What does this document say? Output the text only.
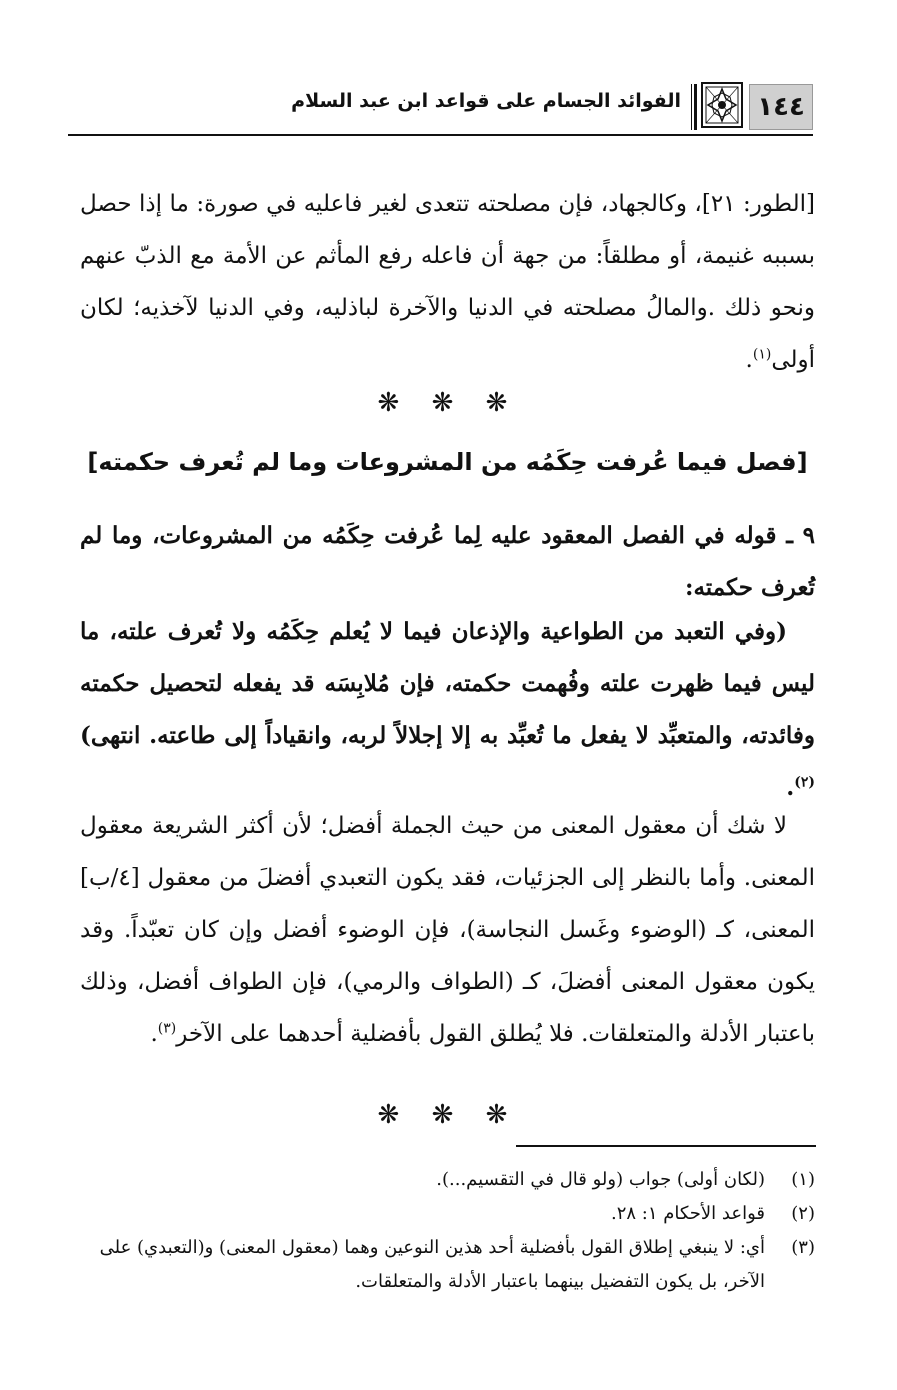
١٤٤
الفوائد الجسام على قواعد ابن عبد السلام
[الطور: ٢١]، وكالجهاد، فإن مصلحته تتعدى لغير فاعليه في صورة: ما إذا حصل بسببه غنيمة، أو مطلقاً: من جهة أن فاعله رفع المأثم عن الأمة مع الذبّ عنهم ونحو ذلك .والمالُ مصلحته في الدنيا والآخرة لباذليه، وفي الدنيا لآخذيه؛ لكان أولى$^{(١)}$.
❋ ❋ ❋
[فصل فيما عُرفت حِكَمُه من المشروعات وما لم تُعرف حكمته]
٩ ـ قوله في الفصل المعقود عليه لِما عُرفت حِكَمُه من المشروعات، وما لم تُعرف حكمته:
(وفي التعبد من الطواعية والإذعان فيما لا يُعلم حِكَمُه ولا تُعرف علته، ما ليس فيما ظهرت علته وفُهمت حكمته، فإن مُلابِسَه قد يفعله لتحصيل حكمته وفائدته، والمتعبِّد لا يفعل ما تُعبِّد به إلا إجلالاً لربه، وانقياداً إلى طاعته. انتهى)$^{(٢)}$.
لا شك أن معقول المعنى من حيث الجملة أفضل؛ لأن أكثر الشريعة معقول المعنى. وأما بالنظر إلى الجزئيات، فقد يكون التعبدي أفضلَ من معقول [٤/ب] المعنى، كـ (الوضوء وغَسل النجاسة)، فإن الوضوء أفضل وإن كان تعبّداً. وقد يكون معقول المعنى أفضلَ، كـ (الطواف والرمي)، فإن الطواف أفضل، وذلك باعتبار الأدلة والمتعلقات. فلا يُطلق القول بأفضلية أحدهما على الآخر$^{(٣)}$.
❋ ❋ ❋
(١)
(لكان أولى) جواب (ولو قال في التقسيم...).
(٢)
قواعد الأحكام ١: ٢٨.
(٣)
أي: لا ينبغي إطلاق القول بأفضلية أحد هذين النوعين وهما (معقول المعنى) و(التعبدي) على الآخر، بل يكون التفضيل بينهما باعتبار الأدلة والمتعلقات.
